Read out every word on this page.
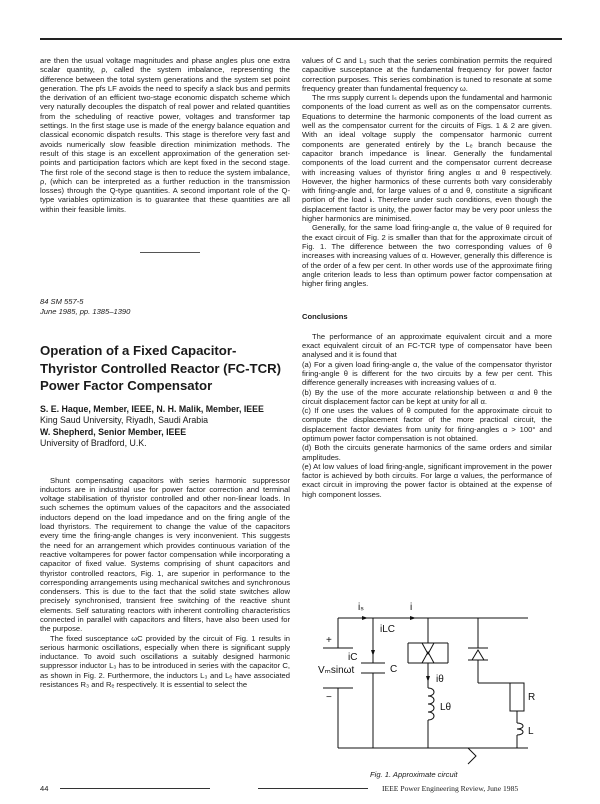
are then the usual voltage magnitudes and phase angles plus one extra scalar quantity, ρ, called the system imbalance, representing the difference between the total system generations and the system set point generation. The pfs LF avoids the need to specify a slack bus and permits the derivation of an efficient two-stage economic dispatch scheme which very naturally decouples the dispatch of real power and related quantities from the scheduling of reactive power, voltages and transformer tap settings. In the first stage use is made of the energy balance equation and classical economic dispatch results. This stage is therefore very fast and avoids numerically slow feasible direction minimization methods. The result of this stage is an excellent approximation of the generation set-points and participation factors which are kept fixed in the second stage. The first role of the second stage is then to reduce the system imbalance, ρ, (which can be interpreted as a further reduction in the transmission losses) through the Q-type quantities. A second important role of the Q-type variables optimization is to guarantee that these quantities are all within their feasible limits.

84 SM 557-5

June 1985, pp. 1385–1390

Operation of a Fixed Capacitor-Thyristor Controlled Reactor (FC-TCR) Power Factor Compensator

S. E. Haque, Member, IEEE, N. H. Malik, Member, IEEE

King Saud University, Riyadh, Saudi Arabia

W. Shepherd, Senior Member, IEEE

University of Bradford, U.K.

Shunt compensating capacitors with series harmonic suppressor inductors are in industrial use for power factor correction and terminal voltage stabilisation of thyristor controlled and other non-linear loads. In such schemes the optimum values of the capacitors and the associated inductors depend on the load impedance and on the firing angle of the load thyristors. The requirement to change the value of the capacitors every time the firing-angle changes is very inconvenient. This suggests the need for an arrangement which provides continuous variation of the reactive voltamperes for power factor compensation while incorporating a capacitor of fixed value. Systems comprising of shunt capacitors and thyristor controlled reactors, Fig. 1, are superior in performance to the corresponding arrangements using mechanical switches and synchronous condensers. This is due to the fact that the solid state switches allow precisely synchronised, transient free switching of the reactive shunt elements. Self saturating reactors with inherent controlling characteristics connected in parallel with capacitors and filters, have also been used for the purpose.

The fixed susceptance ωC provided by the circuit of Fig. 1 results in serious harmonic oscillations, especially when there is significant supply inductance. To avoid such oscillations a suitably designed harmonic suppressor inductor L₃ has to be introduced in series with the capacitor C, as shown in Fig. 2. Furthermore, the inductors L₃ and Lₑ have associated resistances R₃ and Rₑ respectively. It is essential to select the

values of C and L₃ such that the series combination permits the required capacitive susceptance at the fundamental frequency for power factor correction purposes. This series combination is tuned to resonate at some frequency greater than fundamental frequency ω.

The rms supply current Iₛ depends upon the fundamental and harmonic components of the load current as well as on the compensator currents. Equations to determine the harmonic components of the load current as well as the compensator current for the circuits of Figs. 1 & 2 are given. With an ideal voltage supply the compensator harmonic current components are generated entirely by the Lₑ branch because the capacitor branch impedance is linear. Generally the fundamental components of the load current and the compensator current decrease with increasing values of thyristor firing angles α and θ respectively. However, the higher harmonics of these currents both vary considerably with firing-angle and, for large values of α and θ, constitute a significant portion of the load iₗ. Therefore under such conditions, even though the displacement factor is unity, the power factor may be very poor unless the higher harmonics are minimised.

Generally, for the same load firing-angle α, the value of θ required for the exact circuit of Fig. 2 is smaller than that for the approximate circuit of Fig. 1. The difference between the two corresponding values of θ increases with increasing values of α. However, generally this difference is of the order of a few per cent. In other words use of the approximate firing angle criterion leads to less than optimum power factor compensation at higher firing angles.

Conclusions

The performance of an approximate equivalent circuit and a more exact equivalent circuit of an FC-TCR type of compensator have been analysed and it is found that

(a) For a given load firing-angle α, the value of the compensator thyristor firing-angle θ is different for the two circuits by a few per cent. This difference generally increases with increasing values of α.

(b) By the use of the more accurate relationship between α and θ the circuit displacement factor can be kept at unity for all α.

(c) If one uses the values of θ computed for the approximate circuit to compute the displacement factor of the more practical circuit, the displacement factor deviates from unity for firing-angles α > 100° and optimum power factor compensation is not obtained.

(d) Both the circuits generate harmonics of the same orders and similar amplitudes.

(e) At low values of load firing-angle, significant improvement in the power factor is achieved by both circuits. For large α values, the performance of exact circuit in improving the power factor is obtained at the expense of high component losses.

iₛ	i
iLC
iC
C
iθ
Lθ
R
L
Vₘsinωt
+
−
Fig. 1. Approximate circuit
44	IEEE Power Engineering Review, June 1985
